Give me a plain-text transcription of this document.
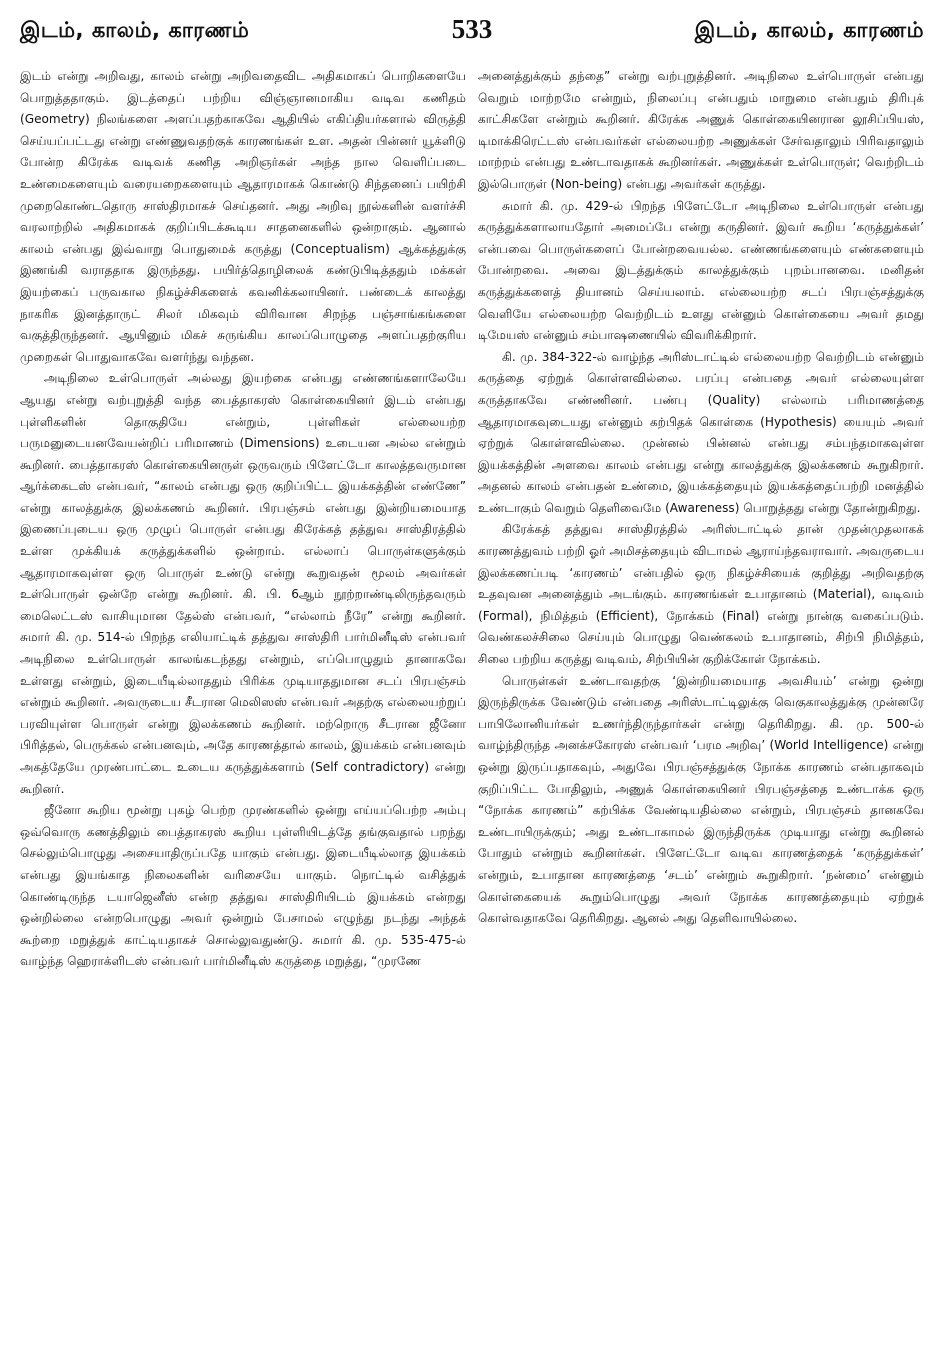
இடம், காலம், காரணம்	533	இடம், காலம், காரணம்

இடம் என்று அறிவது, காலம் என்று அறிவதைவிட அதிகமாகப் பொறிகளையே பொறுத்ததாகும். இடத்தைப் பற்றிய விஞ்ஞானமாகிய வடிவ கணிதம் (Geometry) நிலங்களை அளப்பதற்காகவே ஆதியில் எகிப்தியர்களால் விருத்தி செய்யப்பட்டது என்று எண்ணுவதற்குக் காரணங்கள் உள. அதன் பின்னர் யூக்ளிடு போன்ற கிரேக்க வடிவக் கணித அறிஞர்கள் அந்த நால வெளிப்படை உண்மைகளையும் வரையறைகளையும் ஆதாரமாகக் கொண்டு சிந்தனைப் பயிற்சி முறைகொண்டதொரு சாஸ்திரமாகச் செய்தனர். அது அறிவு நூல்களின் வளர்ச்சி வரலாற்றில் அதிகமாகக் குறிப்பிடக்கூடிய சாதனைகளில் ஒன்றாகும். ஆனால் காலம் என்பது இவ்வாறு பொதுமைக் கருத்து (Conceptualism) ஆக்கத்துக்கு இணங்கி வராததாக இருந்தது. பயிர்த்தொழிலைக் கண்டுபிடித்ததும் மக்கள் இயற்கைப் பருவகால நிகழ்ச்சிகளைக் கவனிக்கலாயினர். பண்டைக் காலத்து நாகரிக இனத்தாருட் சிலர் மிகவும் விரிவான சிறந்த பஞ்சாங்கங்களை வகுத்திருந்தனர். ஆயினும் மிகச் சுருங்கிய காலப்பொழுதை அளப்பதற்குரிய முறைகள் பொதுவாகவே வளர்ந்து வந்தன.

அடிநிலை உள்பொருள் அல்லது இயற்கை என்பது எண்ணங்களாலேயே ஆயது என்று வற்புறுத்தி வந்த பைத்தாகரஸ் கொள்கையினர் இடம் என்பது புள்ளிகளின் தொகுதியே என்றும், புள்ளிகள் எல்லையற்ற பருமனுடையனவேயன்றிப் பரிமாணம் (Dimensions) உடையன அல்ல என்றும் கூறினர். பைத்தாகரஸ் கொள்கையினருள் ஒருவரும் பிளேட்டோ காலத்தவருமான ஆர்க்கைடஸ் என்பவர், “காலம் என்பது ஒரு குறிப்பிட்ட இயக்கத்தின் எண்ணே” என்று காலத்துக்கு இலக்கணம் கூறினர். பிரபஞ்சம் என்பது இன்றியமையாத இணைப்புடைய ஒரு முழுப் பொருள் என்பது கிரேக்கத் தத்துவ சாஸ்திரத்தில் உள்ள முக்கியக் கருத்துக்களில் ஒன்றாம். எல்லாப் பொருள்களுக்கும் ஆதாரமாகவுள்ள ஒரு பொருள் உண்டு என்று கூறுவதன் மூலம் அவர்கள் உள்பொருள் ஒன்றே என்று கூறினர். கி. பி. 6ஆம் நூற்றாண்டிலிருந்தவரும் மைலெட்டஸ் வாசியுமான தேல்ஸ் என்பவர், “எல்லாம் நீரே” என்று கூறினர். சுமார் கி. மு. 514-ல் பிறந்த எலியாட்டிக் தத்துவ சாஸ்திரி பார்மினீடிஸ் என்பவர் அடிநிலை உள்பொருள் காலங்கடந்தது என்றும், எப்பொழுதும் தானாகவே உள்ளது என்றும், இடையீடில்லாததும் பிரிக்க முடியாததுமான சடப் பிரபஞ்சம் என்றும் கூறினர். அவருடைய சீடரான மெலிஸஸ் என்பவர் அதற்கு எல்லையற்றுப் பரவியுள்ள பொருள் என்று இலக்கணம் கூறினர். மற்றொரு சீடரான ஜீனோ பிரித்தல், பெருக்கல் என்பனவும், அதே காரணத்தால் காலம், இயக்கம் என்பனவும் அகத்தேயே முரண்பாட்டை உடைய கருத்துக்களாம் (Self contradictory) என்று கூறினர்.

ஜீனோ கூறிய மூன்று புகழ் பெற்ற முரண்களில் ஒன்று எய்யப்பெற்ற அம்பு ஒவ்வொரு கணத்திலும் பைத்தாகரஸ் கூறிய புள்ளியிடத்தே தங்குவதால் பறந்து செல்லும்பொழுது அசையாதிருப்பதே யாகும் என்பது. இடையீடில்லாத இயக்கம் என்பது இயங்காத நிலைகளின் வரிசையே யாகும். நொட்டில் வசித்துக் கொண்டிருந்த டயாஜெனீஸ் என்ற தத்துவ சாஸ்திரியிடம் இயக்கம் என்றது ஒன்றில்லை என்றபொழுது அவர் ஒன்றும் பேசாமல் எழுந்து நடந்து அந்தக் கூற்றை மறுத்துக் காட்டியதாகச் சொல்லுவதுண்டு. சுமார் கி. மு. 535-475-ல் வாழ்ந்த ஹெராக்ளிடஸ் என்பவர் பார்மினீடிஸ் கருத்தை மறுத்து, “முரணே

அனைத்துக்கும் தந்தை” என்று வற்புறுத்தினர். அடிநிலை உள்பொருள் என்பது வெறும் மாற்றமே என்றும், நிலைப்பு என்பதும் மாறுமை என்பதும் திரிபுக் காட்சிகளே என்றும் கூறினர். கிரேக்க அணுக் கொள்கையினரான லூசிப்பியஸ், டிமாக்கிரெட்டஸ் என்பவர்கள் எல்லையற்ற அணுக்கள் சேர்வதாலும் பிரிவதாலும் மாற்றம் என்பது உண்டாவதாகக் கூறினர்கள். அணுக்கள் உள்பொருள்; வெற்றிடம் இல்பொருள் (Non-being) என்பது அவர்கள் கருத்து.

சுமார் கி. மு. 429-ல் பிறந்த பிளேட்டோ அடிநிலை உள்பொருள் என்பது கருத்துக்களாலாயதோர் அமைப்பே என்று கருதினர். இவர் கூறிய ‘கருத்துக்கள்’ என்பவை பொருள்களைப் போன்றவையல்ல. எண்ணங்களையும் எண்களையும் போன்றவை. அவை இடத்துக்கும் காலத்துக்கும் புறம்பானவை. மனிதன் கருத்துக்களைத் தியானம் செய்யலாம். எல்லையற்ற சடப் பிரபஞ்சத்துக்கு வெளியே எல்லையற்ற வெற்றிடம் உளது என்னும் கொள்கையை அவர் தமது டிமேயஸ் என்னும் சம்பாஷணையில் விவரிக்கிறார்.

கி. மு. 384-322-ல் வாழ்ந்த அரிஸ்டாட்டில் எல்லையற்ற வெற்றிடம் என்னும் கருத்தை ஏற்றுக் கொள்ளவில்லை. பரப்பு என்பதை அவர் எல்லையுள்ள கருத்தாகவே எண்ணினர். பண்பு (Quality) எல்லாம் பரிமாணத்தை ஆதாரமாகவுடையது என்னும் கற்பிதக் கொள்கை (Hypothesis) யையும் அவர் ஏற்றுக் கொள்ளவில்லை. முன்னல் பின்னல் என்பது சம்பந்தமாகவுள்ள இயக்கத்தின் அளவை காலம் என்பது என்று காலத்துக்கு இலக்கணம் கூறுகிறார். அதனல் காலம் என்பதன் உண்மை, இயக்கத்தையும் இயக்கத்தைப்பற்றி மனத்தில் உண்டாகும் வெறும் தெளிவைமே (Awareness) பொறுத்தது என்று தோன்றுகிறது.

கிரேக்கத் தத்துவ சாஸ்திரத்தில் அரிஸ்டாட்டில் தான் முதன்முதலாகக் காரணத்துவம் பற்றி ஓர் அமிசத்தையும் விடாமல் ஆராய்ந்தவராவார். அவருடைய இலக்கணப்படி ‘காரணம்’ என்பதில் ஒரு நிகழ்ச்சியைக் குறித்து அறிவதற்கு உதவுவன அனைத்தும் அடங்கும். காரணங்கள் உபாதானம் (Material), வடிவம் (Formal), நிமித்தம் (Efficient), நோக்கம் (Final) என்று நான்கு வகைப்படும். வெண்கலச்சிலை செய்யும் பொழுது வெண்கலம் உபாதானம், சிற்பி நிமித்தம், சிலை பற்றிய கருத்து வடிவம், சிற்பியின் குறிக்கோள் நோக்கம்.

பொருள்கள் உண்டாவதற்கு ‘இன்றியமையாத அவசியம்’ என்று ஒன்று இருந்திருக்க வேண்டும் என்பதை அரிஸ்டாட்டிலுக்கு வெகுகாலத்துக்கு முன்னரே பாபிலோனியர்கள் உணர்ந்திருந்தார்கள் என்று தெரிகிறது. கி. மு. 500-ல் வாழ்ந்திருந்த அனக்சகோரஸ் என்பவர் ‘பரம அறிவு’ (World Intelligence) என்று ஒன்று இருப்பதாகவும், அதுவே பிரபஞ்சத்துக்கு நோக்க காரணம் என்பதாகவும் குறிப்பிட்ட போதிலும், அணுக் கொள்கையினர் பிரபஞ்சத்தை உண்டாக்க ஒரு “நோக்க காரணம்” கற்பிக்க வேண்டியதில்லை என்றும், பிரபஞ்சம் தானகவே உண்டாயிருக்கும்; அது உண்டாகாமல் இருந்திருக்க முடியாது என்று கூறினல் போதும் என்றும் கூறினர்கள். பிளேட்டோ வடிவ காரணத்தைக் ‘கருத்துக்கள்’ என்றும், உபாதான காரணத்தை ‘சடம்’ என்றும் கூறுகிறார். ‘நன்மை’ என்னும் கொள்கையைக் கூறும்பொழுது அவர் நோக்க காரணத்தையும் ஏற்றுக் கொள்வதாகவே தெரிகிறது. ஆனல் அது தெளிவாயில்லை.
